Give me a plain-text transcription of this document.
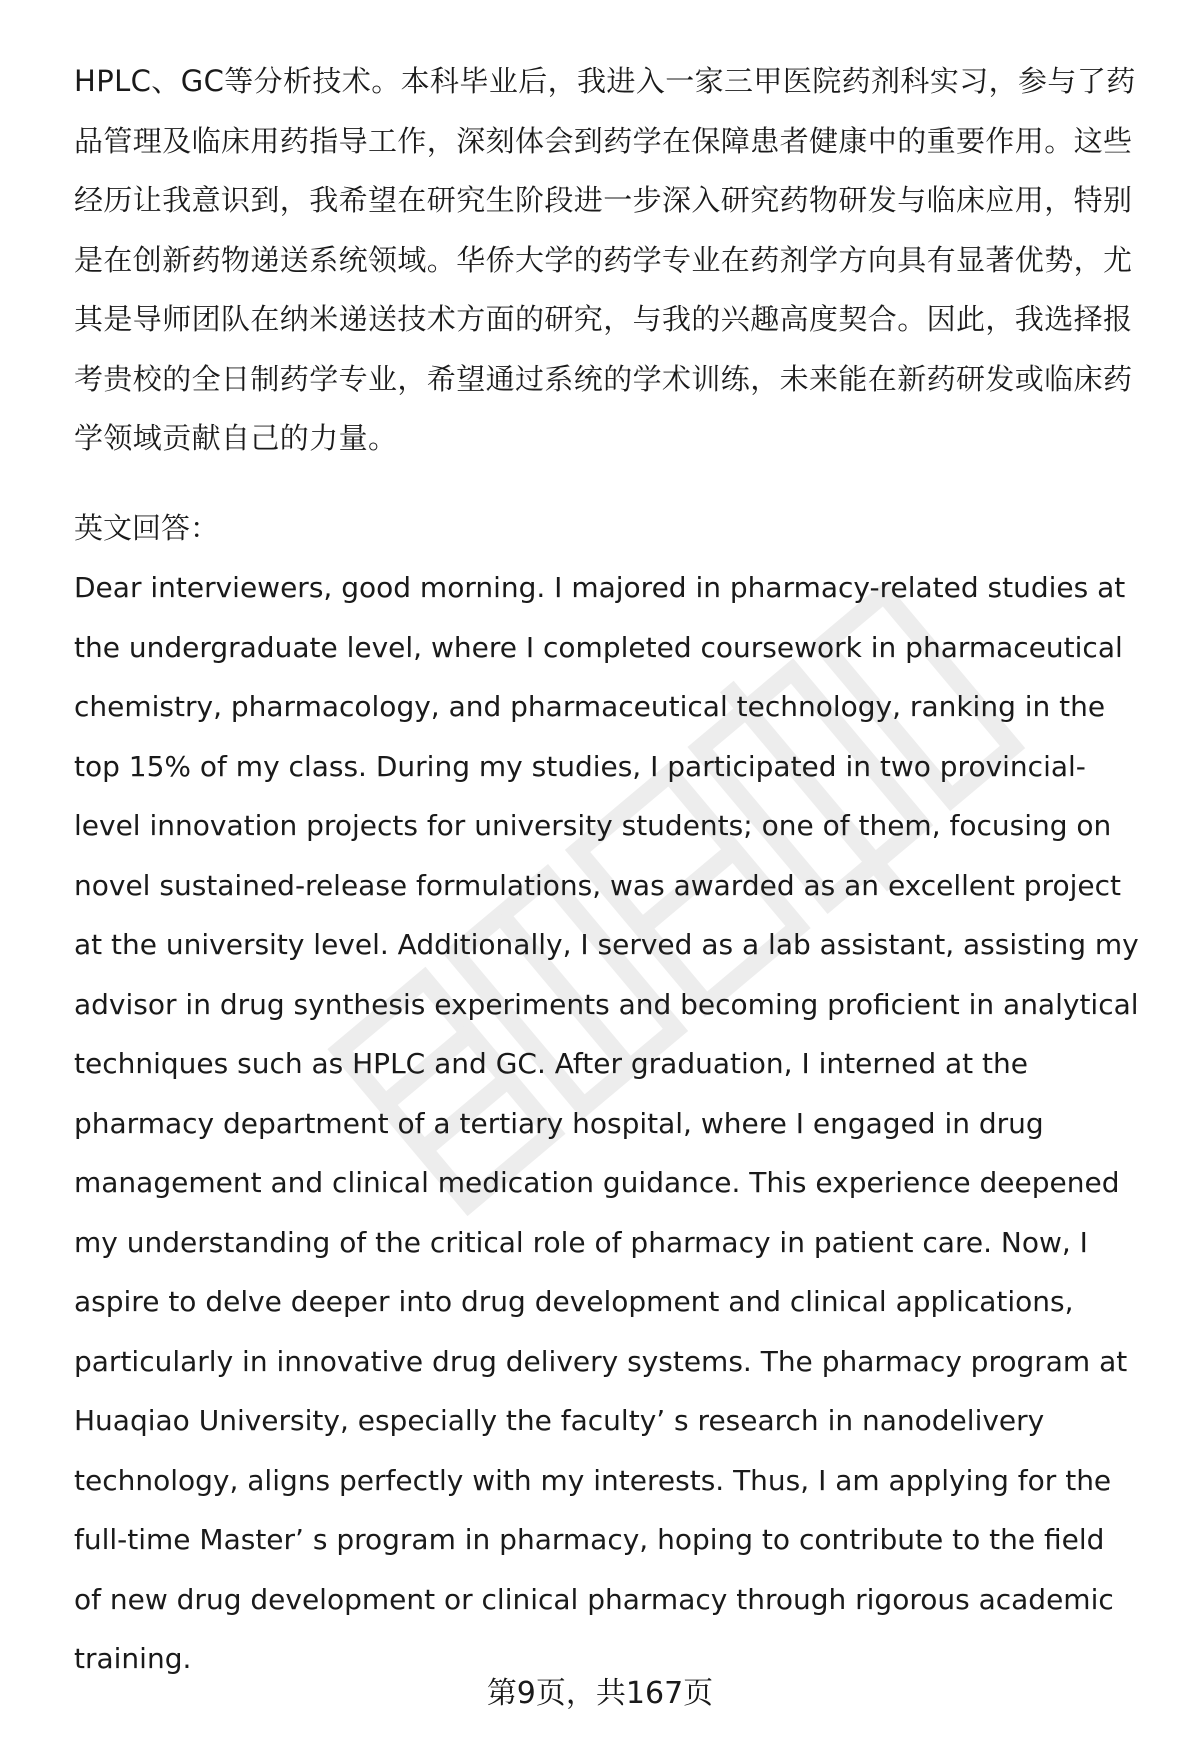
HPLC、GC等分析技术。本科毕业后，我进入一家三甲医院药剂科实习，参与了药
品管理及临床用药指导工作，深刻体会到药学在保障患者健康中的重要作用。这些
经历让我意识到，我希望在研究生阶段进一步深入研究药物研发与临床应用，特别
是在创新药物递送系统领域。华侨大学的药学专业在药剂学方向具有显著优势，尤
其是导师团队在纳米递送技术方面的研究，与我的兴趣高度契合。因此，我选择报
考贵校的全日制药学专业，希望通过系统的学术训练，未来能在新药研发或临床药
学领域贡献自己的力量。
英文回答：
Dear interviewers, good morning. I majored in pharmacy-related studies at
the undergraduate level, where I completed coursework in pharmaceutical
chemistry, pharmacology, and pharmaceutical technology, ranking in the
top 15% of my class. During my studies, I participated in two provincial-
level innovation projects for university students; one of them, focusing on
novel sustained-release formulations, was awarded as an excellent project
at the university level. Additionally, I served as a lab assistant, assisting my
advisor in drug synthesis experiments and becoming proficient in analytical
techniques such as HPLC and GC. After graduation, I interned at the
pharmacy department of a tertiary hospital, where I engaged in drug
management and clinical medication guidance. This experience deepened
my understanding of the critical role of pharmacy in patient care. Now, I
aspire to delve deeper into drug development and clinical applications,
particularly in innovative drug delivery systems. The pharmacy program at
Huaqiao University, especially the faculty’ s research in nanodelivery
technology, aligns perfectly with my interests. Thus, I am applying for the
full-time Master’ s program in pharmacy, hoping to contribute to the field
of new drug development or clinical pharmacy through rigorous academic
training.
第9页，共167页
